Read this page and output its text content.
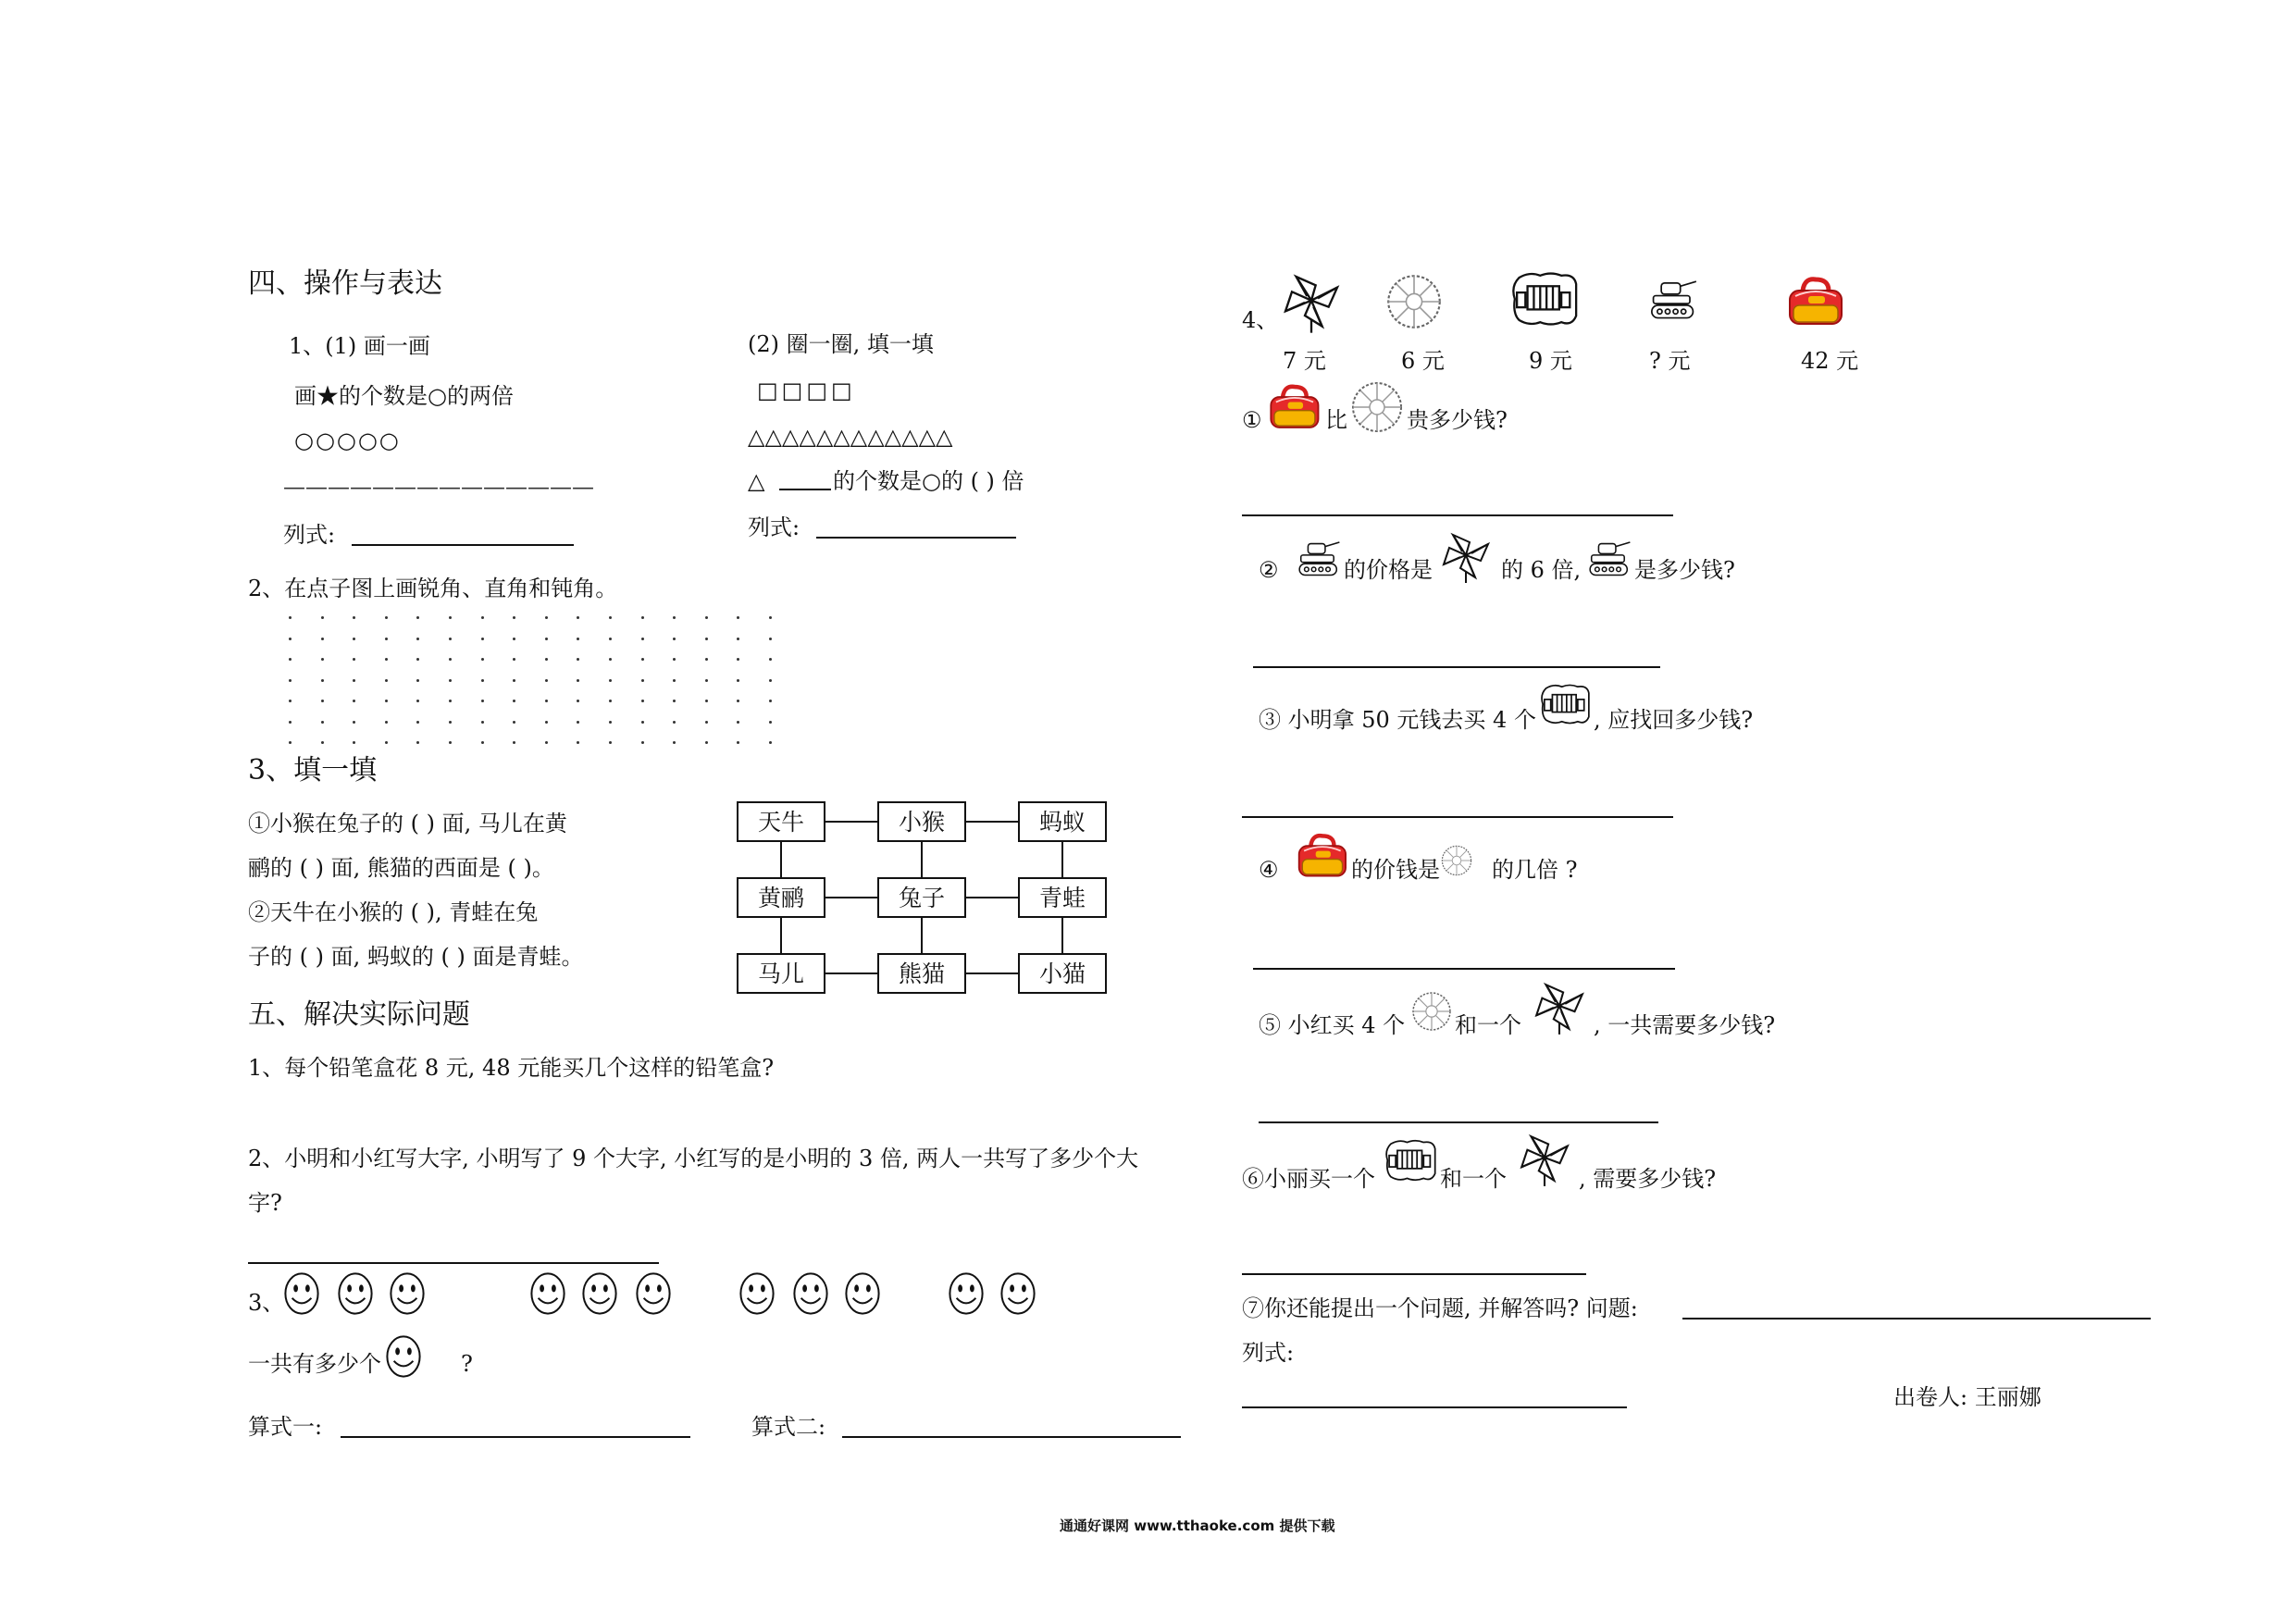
四、操作与表达
1、(1) 画一画
画★的个数是○的两倍
○○○○○
——————————————
列式:
(2) 圈一圈, 填一填
□□□□
△△△△△△△△△△△△
△	的个数是○的 ( ) 倍
列式:
2、在点子图上画锐角、直角和钝角。
3、填一填
①小猴在兔子的 ( ) 面, 马儿在黄
鹂的 ( ) 面, 熊猫的西面是 ( )。
②天牛在小猴的 ( ), 青蛙在兔
子的 ( ) 面, 蚂蚁的 ( ) 面是青蛙。
天牛	小猴	蚂蚁
黄鹂	兔子	青蛙
马儿	熊猫	小猫
五、解决实际问题
1、每个铅笔盒花 8 元, 48 元能买几个这样的铅笔盒?
2、小明和小红写大字, 小明写了 9 个大字, 小红写的是小明的 3 倍, 两人一共写了多少个大
字?
3、
一共有多少个	?
算式一:	算式二:
4、
7 元	6 元	9 元	? 元	42 元
①	比	贵多少钱?
②	的价格是	的 6 倍, 是多少钱?
③ 小明拿 50 元钱去买 4 个	, 应找回多少钱?
④	的价钱是 的几倍 ?
⑤ 小红买 4 个 和一个	, 一共需要多少钱?
⑥小丽买一个	和一个	, 需要多少钱?
⑦你还能提出一个问题, 并解答吗? 问题:
列式:
出卷人: 王丽娜
通通好课网 www.tthaoke.com 提供下载
